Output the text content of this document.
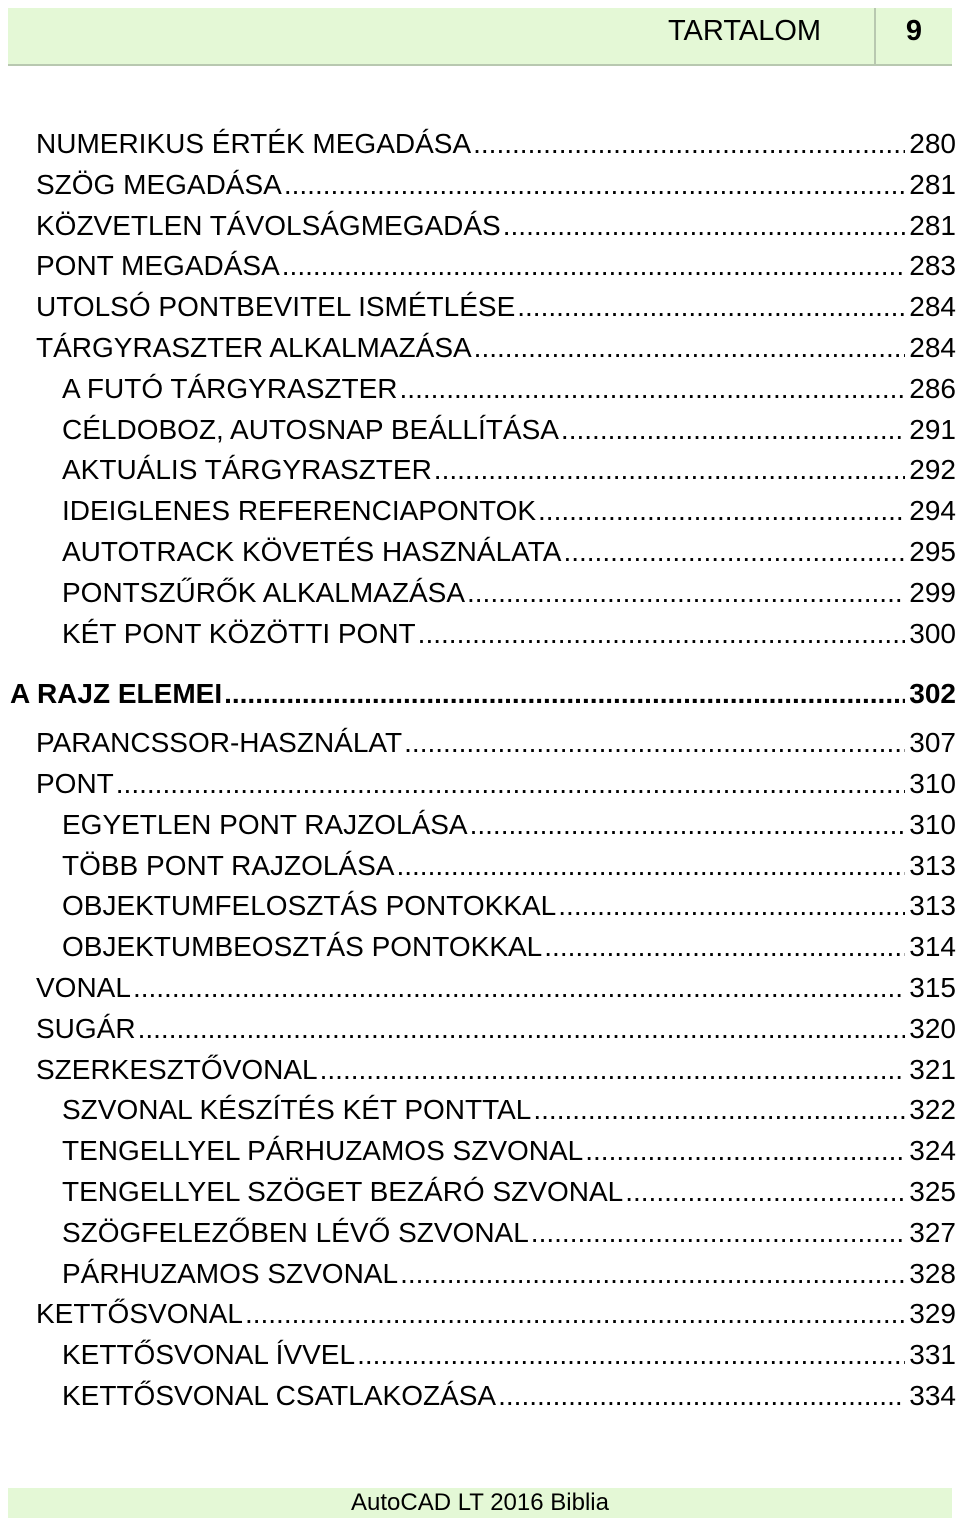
TARTALOM	9
NUMERIKUS ÉRTÉK MEGADÁSA .....	280
SZÖG MEGADÁSA .....	281
KÖZVETLEN TÁVOLSÁGMEGADÁS .....	281
PONT MEGADÁSA .....	283
UTOLSÓ PONTBEVITEL ISMÉTLÉSE .....	284
TÁRGYRASZTER ALKALMAZÁSA .....	284
A FUTÓ TÁRGYRASZTER .....	286
CÉLDOBOZ, AUTOSNAP BEÁLLÍTÁSA .....	291
AKTUÁLIS TÁRGYRASZTER .....	292
IDEIGLENES REFERENCIAPONTOK .....	294
AUTOTRACK KÖVETÉS HASZNÁLATA .....	295
PONTSZŰRŐK ALKALMAZÁSA .....	299
KÉT PONT KÖZÖTTI PONT .....	300
A RAJZ ELEMEI .....	302
PARANCSSOR-HASZNÁLAT .....	307
PONT .....	310
EGYETLEN PONT RAJZOLÁSA .....	310
TÖBB PONT RAJZOLÁSA .....	313
OBJEKTUMFELOSZTÁS PONTOKKAL .....	313
OBJEKTUMBEOSZTÁS PONTOKKAL .....	314
VONAL .....	315
SUGÁR .....	320
SZERKESZTŐVONAL .....	321
SZVONAL KÉSZÍTÉS KÉT PONTTAL .....	322
TENGELLYEL PÁRHUZAMOS SZVONAL .....	324
TENGELLYEL SZÖGET BEZÁRÓ SZVONAL .....	325
SZÖGFELEZŐBEN LÉVŐ SZVONAL .....	327
PÁRHUZAMOS SZVONAL .....	328
KETTŐSVONAL .....	329
KETTŐSVONAL ÍVVEL .....	331
KETTŐSVONAL CSATLAKOZÁSA .....	334
AutoCAD LT 2016 Biblia
